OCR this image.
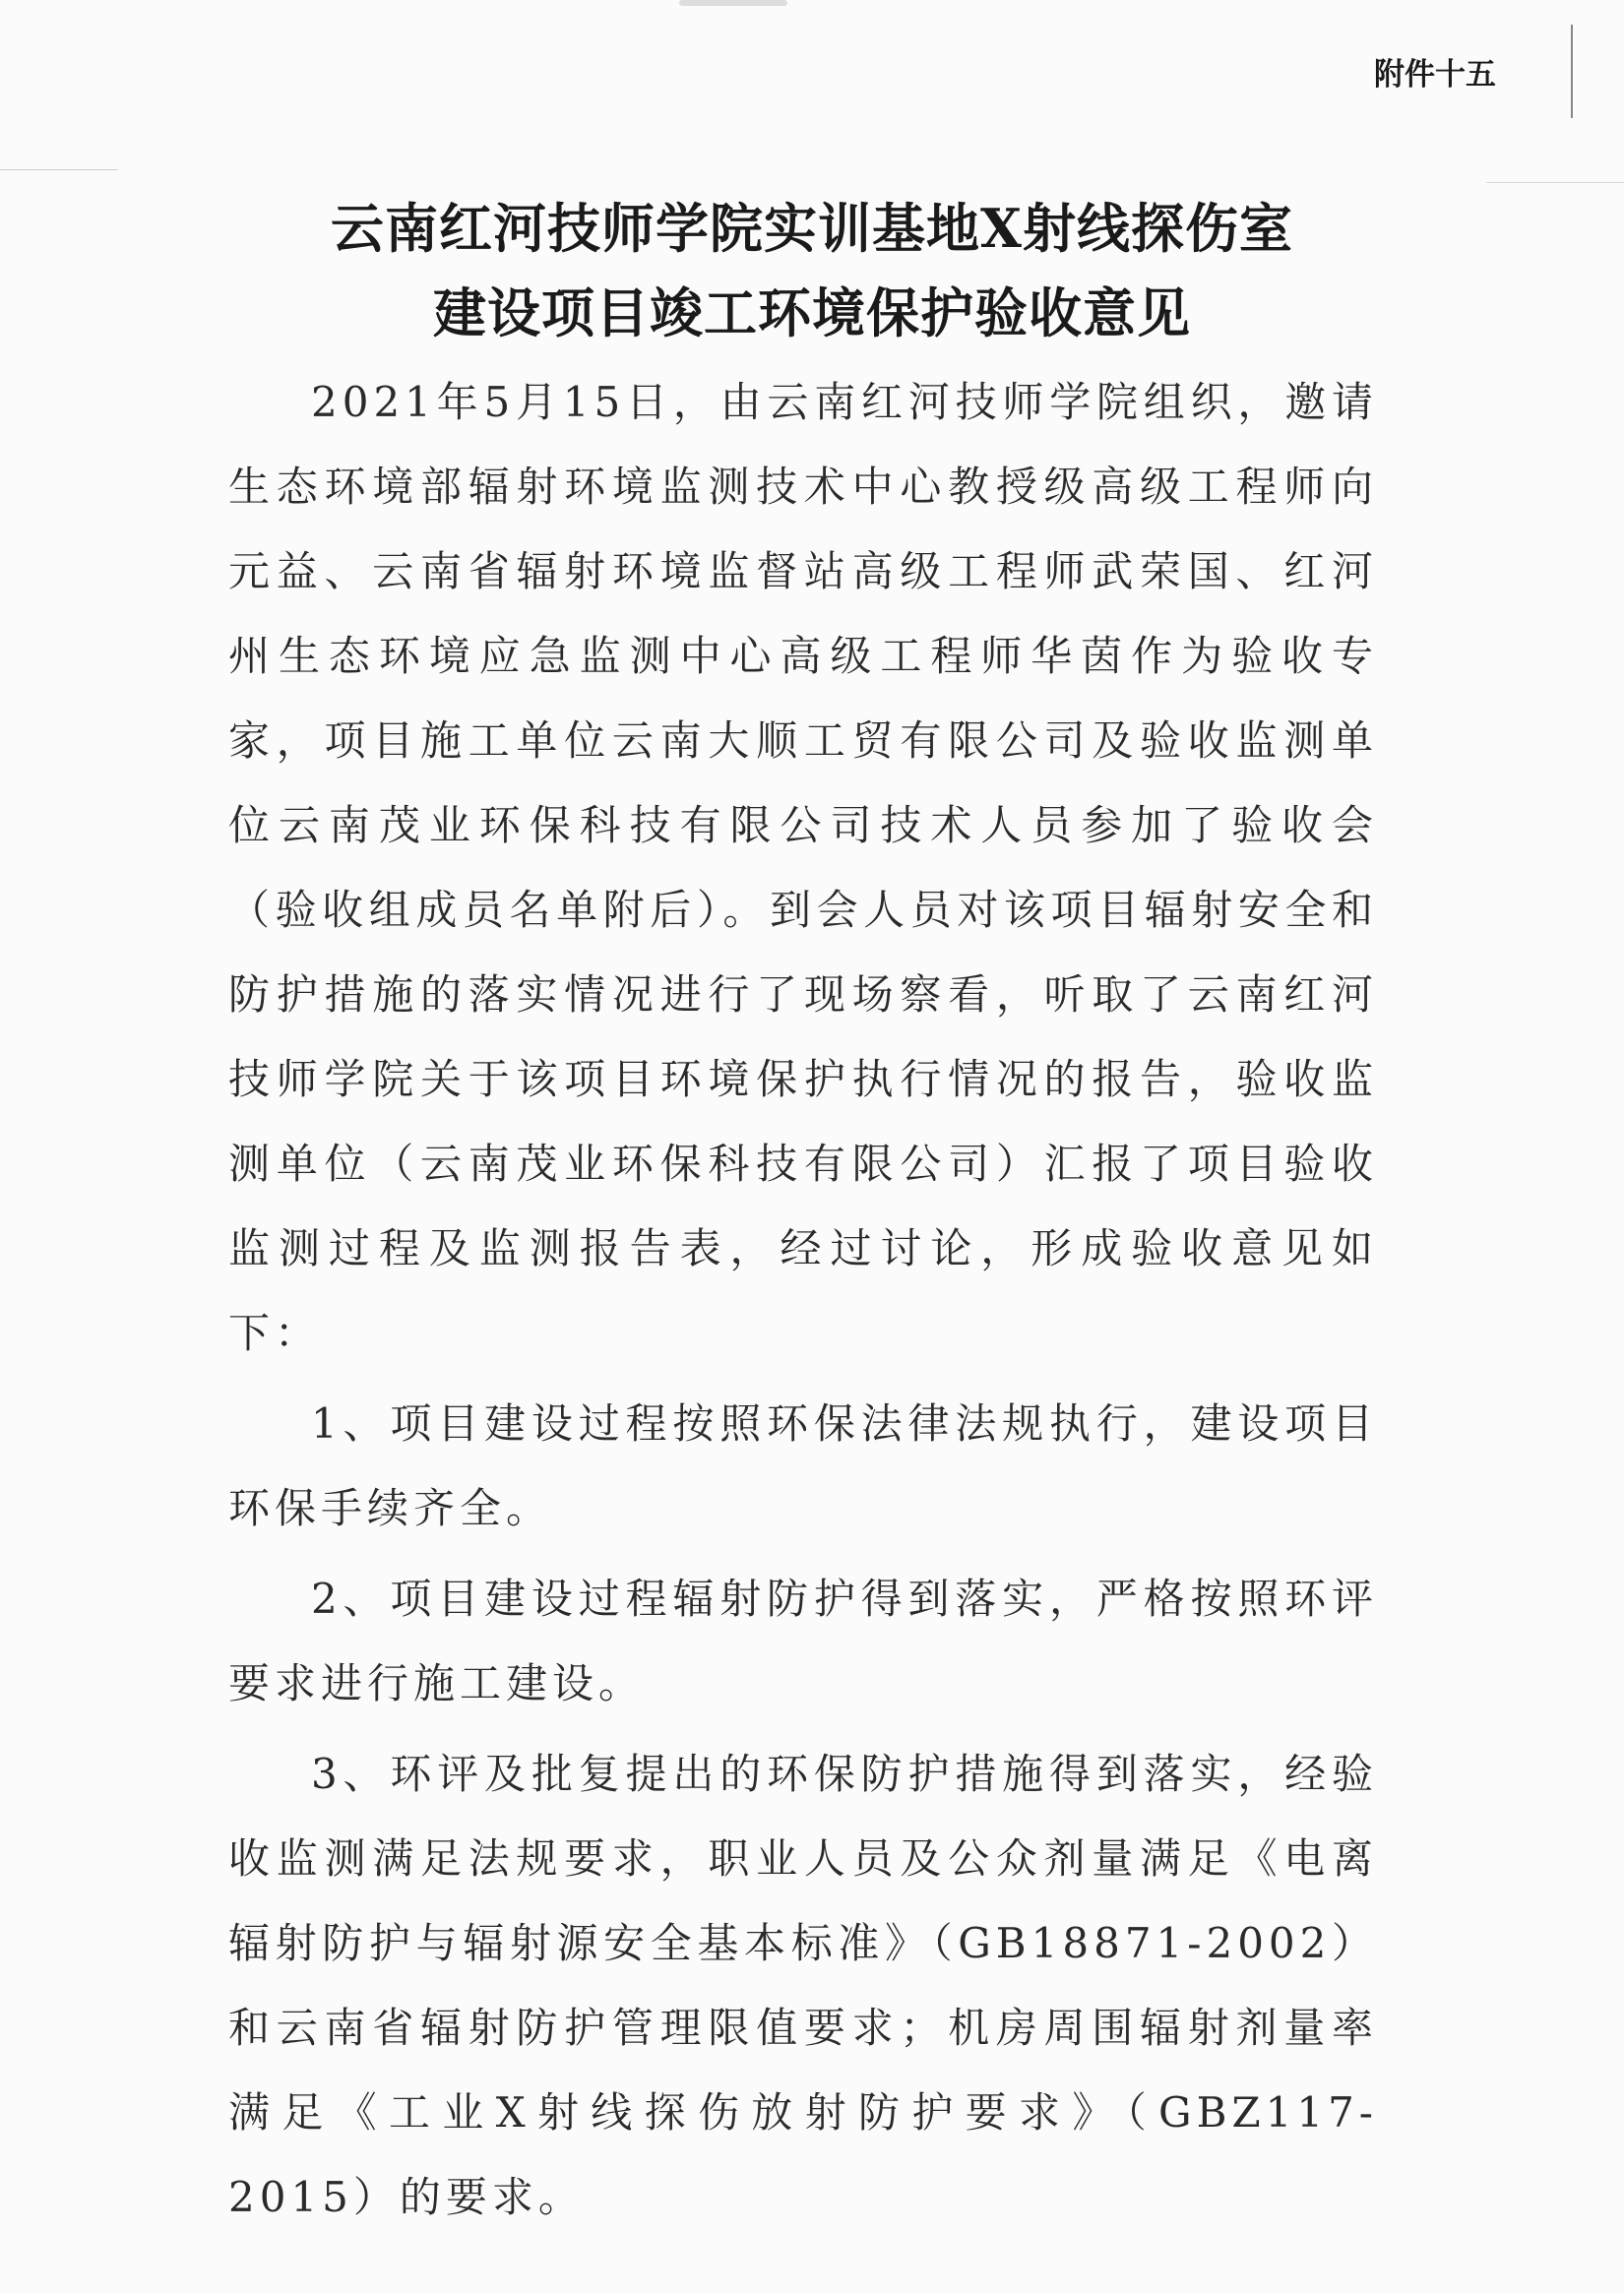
附件十五
云南红河技师学院实训基地X射线探伤室
建设项目竣工环境保护验收意见

2021年5月15日，由云南红河技师学院组织，邀请生态环境部辐射环境监测技术中心教授级高级工程师向元益、云南省辐射环境监督站高级工程师武荣国、红河州生态环境应急监测中心高级工程师华茵作为验收专家，项目施工单位云南大顺工贸有限公司及验收监测单位云南茂业环保科技有限公司技术人员参加了验收会（验收组成员名单附后）。到会人员对该项目辐射安全和防护措施的落实情况进行了现场察看，听取了云南红河技师学院关于该项目环境保护执行情况的报告，验收监测单位（云南茂业环保科技有限公司）汇报了项目验收监测过程及监测报告表，经过讨论，形成验收意见如下：

1、项目建设过程按照环保法律法规执行，建设项目环保手续齐全。

2、项目建设过程辐射防护得到落实，严格按照环评要求进行施工建设。

3、环评及批复提出的环保防护措施得到落实，经验收监测满足法规要求，职业人员及公众剂量满足《电离辐射防护与辐射源安全基本标准》（GB18871-2002）和云南省辐射防护管理限值要求；机房周围辐射剂量率满足《工业X射线探伤放射防护要求》（GBZ117-2015）的要求。
